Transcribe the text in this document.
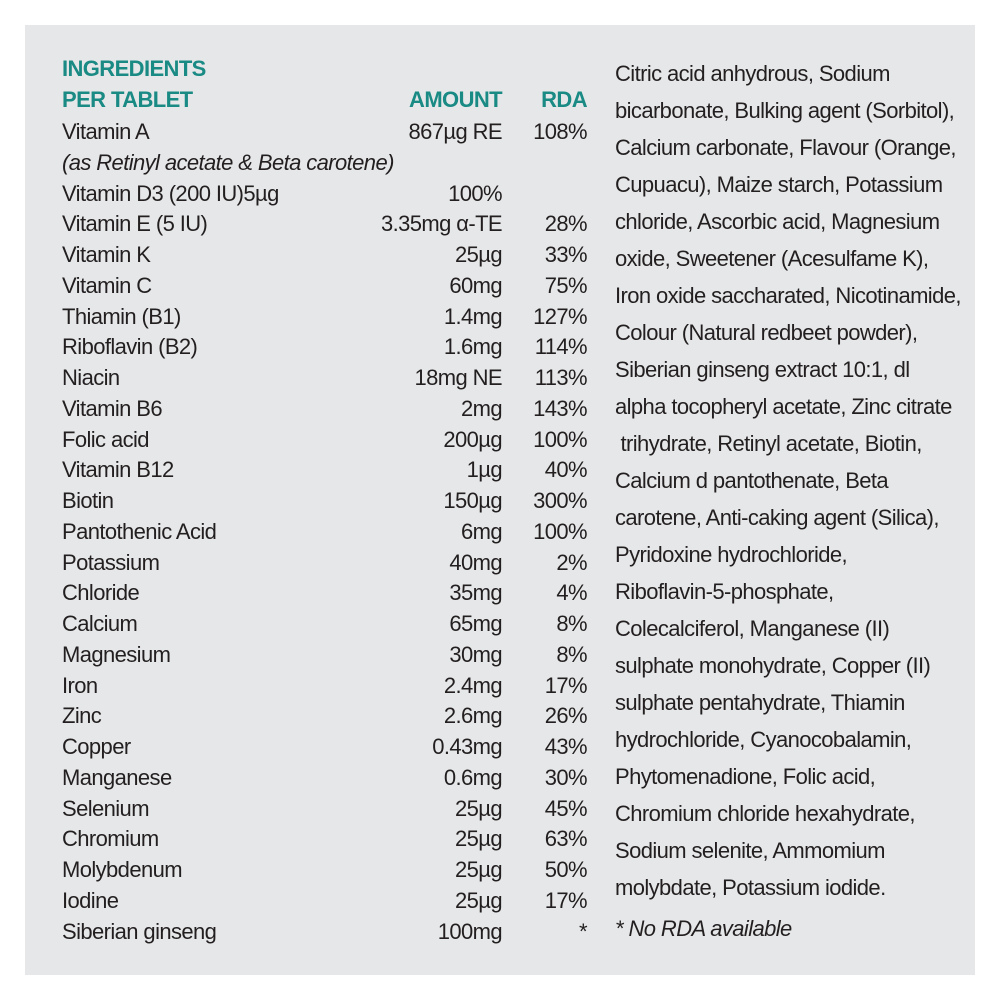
INGREDIENTS
PER TABLET	AMOUNT RDA
Vitamin A	867µg RE 108%
(as Retinyl acetate & Beta carotene)
Vitamin D3 (200 IU)5µg	100%
Vitamin E (5 IU)	3.35mg α-TE 28%
Vitamin K	25µg 33%
Vitamin C	60mg 75%
Thiamin (B1)	1.4mg 127%
Riboflavin (B2)	1.6mg 114%
Niacin	18mg NE 113%
Vitamin B6	2mg 143%
Folic acid	200µg 100%
Vitamin B12	1µg 40%
Biotin	150µg 300%
Pantothenic Acid	6mg 100%
Potassium	40mg 2%
Chloride	35mg 4%
Calcium	65mg 8%
Magnesium	30mg 8%
Iron	2.4mg 17%
Zinc	2.6mg 26%
Copper	0.43mg 43%
Manganese	0.6mg 30%
Selenium	25µg 45%
Chromium	25µg 63%
Molybdenum	25µg 50%
Iodine	25µg 17%
Siberian ginseng	100mg	*
Citric acid anhydrous, Sodium
bicarbonate, Bulking agent (Sorbitol),
Calcium carbonate, Flavour (Orange,
Cupuacu), Maize starch, Potassium
chloride, Ascorbic acid, Magnesium
oxide, Sweetener (Acesulfame K),
Iron oxide saccharated, Nicotinamide,
Colour (Natural redbeet powder),
Siberian ginseng extract 10:1, dl
alpha tocopheryl acetate, Zinc citrate
trihydrate, Retinyl acetate, Biotin,
Calcium d pantothenate, Beta
carotene, Anti-caking agent (Silica),
Pyridoxine hydrochloride,
Riboflavin-5-phosphate,
Colecalciferol, Manganese (II)
sulphate monohydrate, Copper (II)
sulphate pentahydrate, Thiamin
hydrochloride, Cyanocobalamin,
Phytomenadione, Folic acid,
Chromium chloride hexahydrate,
Sodium selenite, Ammomium
molybdate, Potassium iodide.
* No RDA available
